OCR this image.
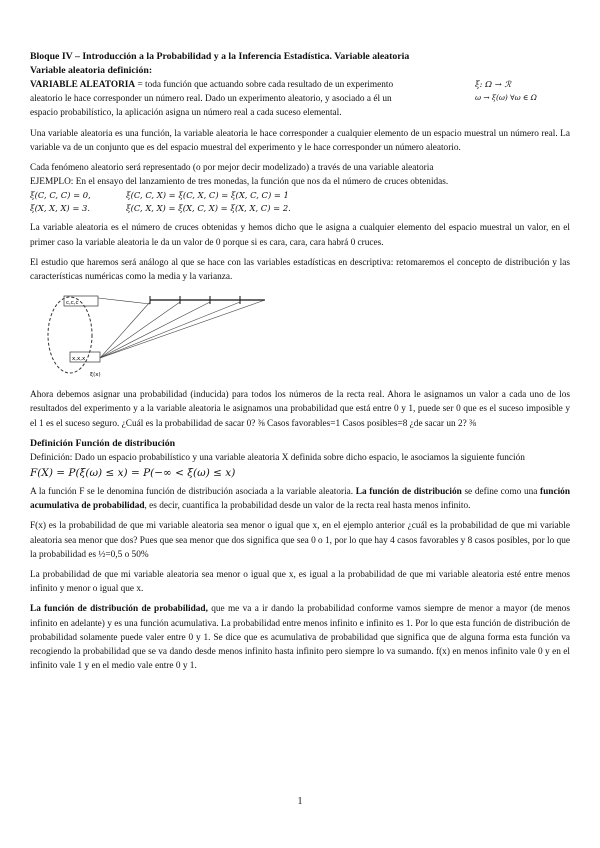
Bloque IV – Introducción a la Probabilidad y a la Inferencia Estadística. Variable aleatoria

Variable aleatoria definición:

VARIABLE ALEATORIA = toda función que actuando sobre cada resultado de un experimento

aleatorio le hace corresponder un número real. Dado un experimento aleatorio, y asociado a él un

espacio probabilístico, la aplicación asigna un número real a cada suceso elemental.

ξ: Ω → ℛ
ω → ξ(ω) ∀ω ∈ Ω

Una variable aleatoria es una función, la variable aleatoria le hace corresponder a cualquier elemento de un espacio muestral un número real. La variable va de un conjunto que es del espacio muestral del experimento y le hace corresponder un número aleatorio.

Cada fenómeno aleatorio será representado (o por mejor decir modelizado) a través de una variable aleatoria

EJEMPLO: En el ensayo del lanzamiento de tres monedas, la función que nos da el número de cruces obtenidas.

ξ(C, C, C) = 0,	ξ(C, C, X) = ξ(C, X, C) = ξ(X, C, C) = 1
ξ(X, X, X) = 3.	ξ(C, X, X) = ξ(X, C, X) = ξ(X, X, C) = 2.

La variable aleatoria es el número de cruces obtenidas y hemos dicho que le asigna a cualquier elemento del espacio muestral un valor, en el primer caso la variable aleatoria le da un valor de 0 porque si es cara, cara, cara habrá 0 cruces.

El estudio que haremos será análogo al que se hace con las variables estadísticas en descriptiva: retomaremos el concepto de distribución y las características numéricas como la media y la varianza.

c,c,c
x,x,x
ξ(x)

Ahora debemos asignar una probabilidad (inducida) para todos los números de la recta real. Ahora le asignamos un valor a cada uno de los resultados del experimento y a la variable aleatoria le asignamos una probabilidad que está entre 0 y 1, puede ser 0 que es el suceso imposible y el 1 es el suceso seguro. ¿Cuál es la probabilidad de sacar 0? ⅜ Casos favorables=1 Casos posibles=8 ¿de sacar un 2? ⅜

Definición Función de distribución

Definición: Dado un espacio probabilístico y una variable aleatoria X definida sobre dicho espacio, le asociamos la siguiente función

F(X) = P(ξ(ω) ≤ x) = P(−∞ < ξ(ω) ≤ x)

A la función F se le denomina función de distribución asociada a la variable aleatoria. La función de distribución se define como una función acumulativa de probabilidad, es decir, cuantifica la probabilidad desde un valor de la recta real hasta menos infinito.

F(x) es la probabilidad de que mi variable aleatoria sea menor o igual que x, en el ejemplo anterior ¿cuál es la probabilidad de que mi variable aleatoria sea menor que dos? Pues que sea menor que dos significa que sea 0 o 1, por lo que hay 4 casos favorables y 8 casos posibles, por lo que la probabilidad es ½=0,5 o 50%

La probabilidad de que mi variable aleatoria sea menor o igual que x, es igual a la probabilidad de que mi variable aleatoria esté entre menos infinito y menor o igual que x.

La función de distribución de probabilidad, que me va a ir dando la probabilidad conforme vamos siempre de menor a mayor (de menos infinito en adelante) y es una función acumulativa. La probabilidad entre menos infinito e infinito es 1. Por lo que esta función de distribución de probabilidad solamente puede valer entre 0 y 1. Se dice que es acumulativa de probabilidad que significa que de alguna forma esta función va recogiendo la probabilidad que se va dando desde menos infinito hasta infinito pero siempre lo va sumando. f(x) en menos infinito vale 0 y en el infinito vale 1 y en el medio vale entre 0 y 1.

1
